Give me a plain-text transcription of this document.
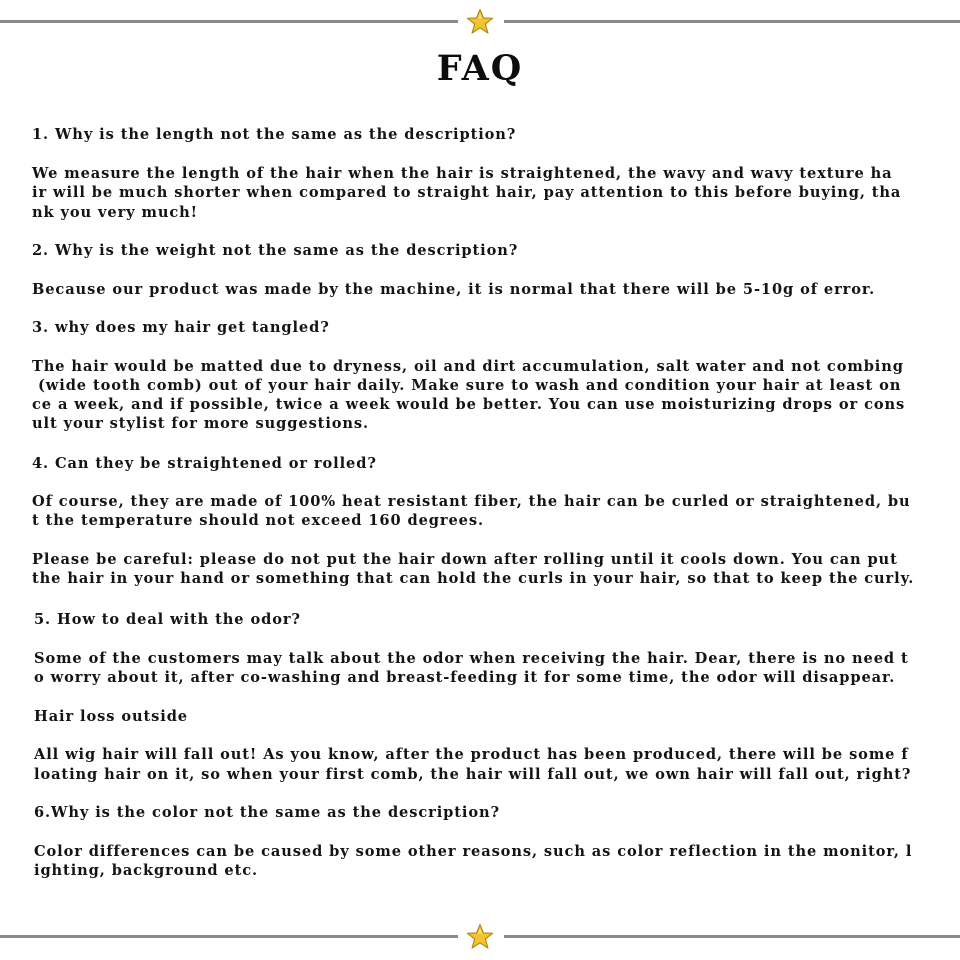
FAQ
1. Why is the length not the same as the description?
We measure the length of the hair when the hair is straightened, the wavy and wavy texture ha
ir will be much shorter when compared to straight hair, pay attention to this before buying, tha
nk you very much!
2. Why is the weight not the same as the description?
Because our product was made by the machine, it is normal that there will be 5-10g of error.
3. why does my hair get tangled?
The hair would be matted due to dryness, oil and dirt accumulation, salt water and not combing
(wide tooth comb) out of your hair daily. Make sure to wash and condition your hair at least on
ce a week, and if possible, twice a week would be better. You can use moisturizing drops or cons
ult your stylist for more suggestions.
4. Can they be straightened or rolled?
Of course, they are made of 100% heat resistant fiber, the hair can be curled or straightened, bu
t the temperature should not exceed 160 degrees.
Please be careful: please do not put the hair down after rolling until it cools down. You can put
the hair in your hand or something that can hold the curls in your hair, so that to keep the curly.
5. How to deal with the odor?
Some of the customers may talk about the odor when receiving the hair. Dear, there is no need t
o worry about it, after co-washing and breast-feeding it for some time, the odor will disappear.
Hair loss outside
All wig hair will fall out! As you know, after the product has been produced, there will be some f
loating hair on it, so when your first comb, the hair will fall out, we own hair will fall out, right?
6.Why is the color not the same as the description?
Color differences can be caused by some other reasons, such as color reflection in the monitor, l
ighting, background etc.
